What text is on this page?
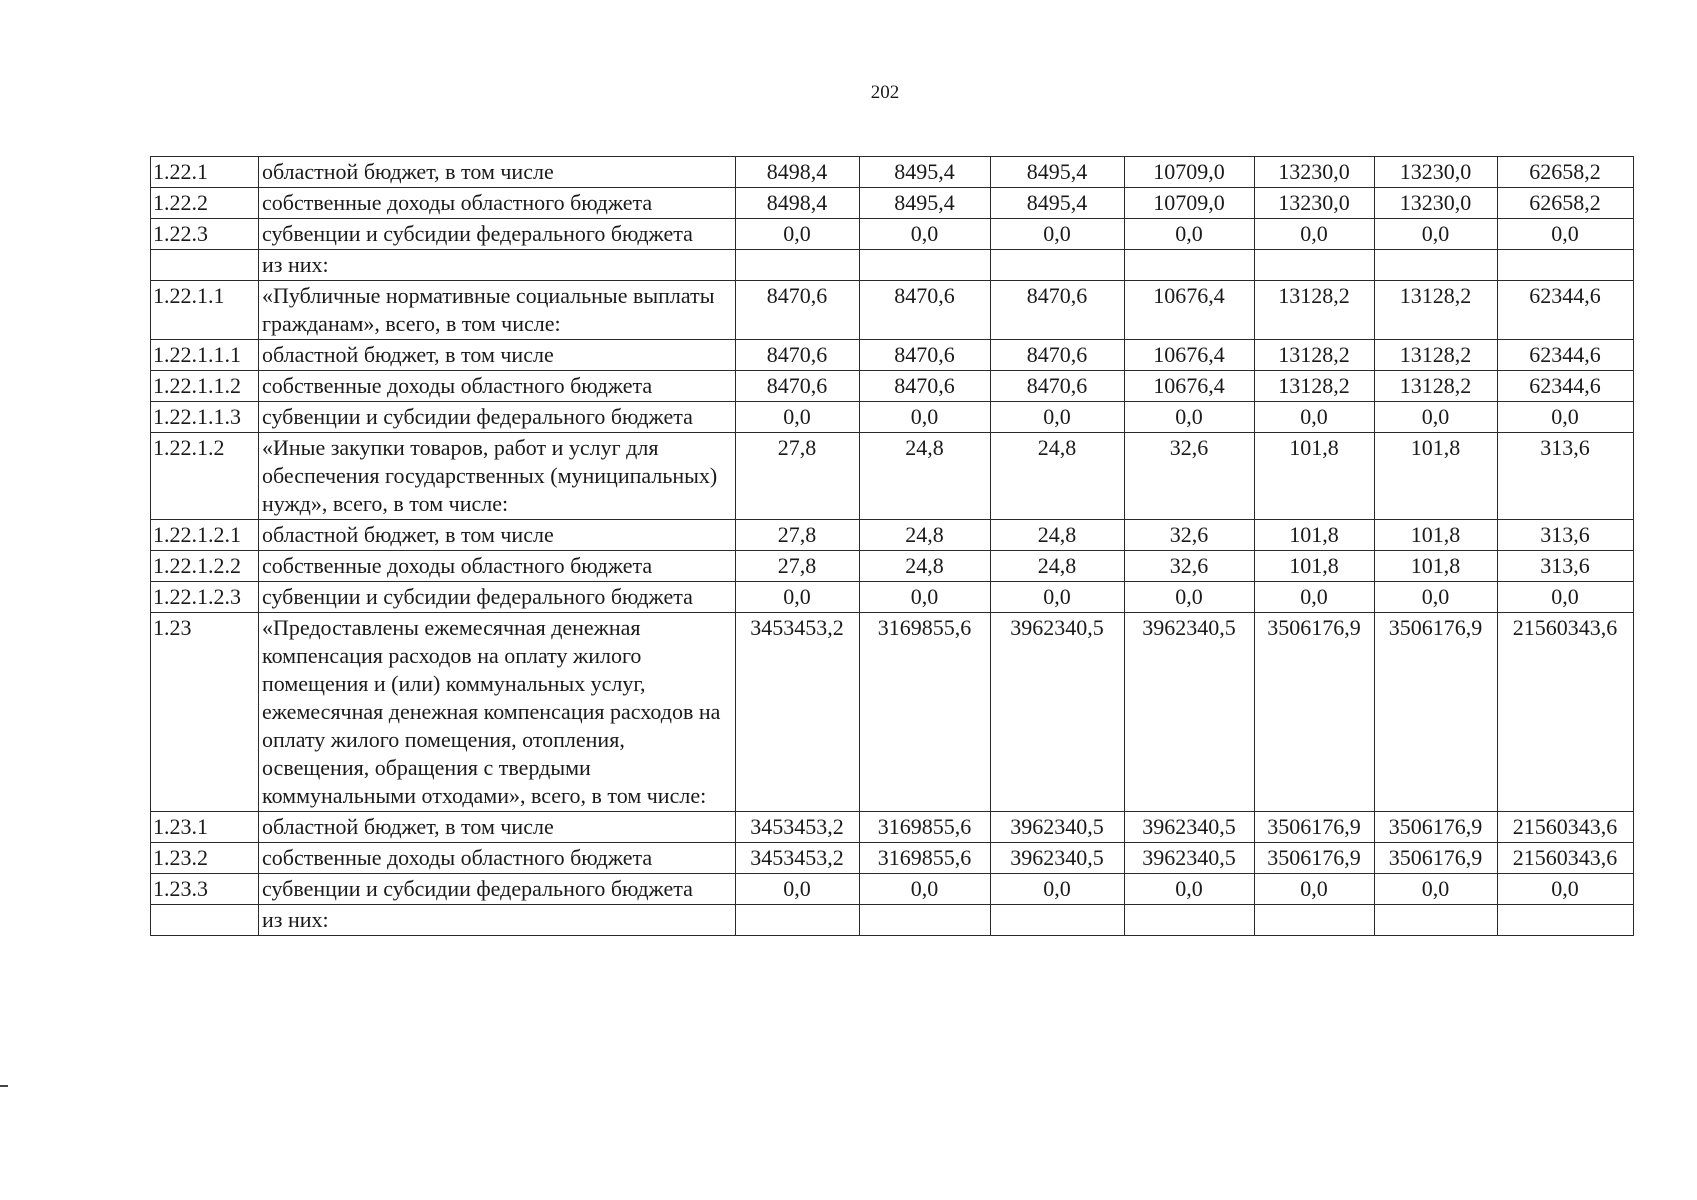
202
1.22.1	областной бюджет, в том числе	8498,4	8495,4	8495,4	10709,0	13230,0	13230,0	62658,2
1.22.2	собственные доходы областного бюджета	8498,4	8495,4	8495,4	10709,0	13230,0	13230,0	62658,2
1.22.3	субвенции и субсидии федерального бюджета	0,0	0,0	0,0	0,0	0,0	0,0	0,0
	из них:							
1.22.1.1	«Публичные нормативные социальные выплаты гражданам», всего, в том числе:	8470,6	8470,6	8470,6	10676,4	13128,2	13128,2	62344,6
1.22.1.1.1	областной бюджет, в том числе	8470,6	8470,6	8470,6	10676,4	13128,2	13128,2	62344,6
1.22.1.1.2	собственные доходы областного бюджета	8470,6	8470,6	8470,6	10676,4	13128,2	13128,2	62344,6
1.22.1.1.3	субвенции и субсидии федерального бюджета	0,0	0,0	0,0	0,0	0,0	0,0	0,0
1.22.1.2	«Иные закупки товаров, работ и услуг для обеспечения государственных (муниципальных) нужд», всего, в том числе:	27,8	24,8	24,8	32,6	101,8	101,8	313,6
1.22.1.2.1	областной бюджет, в том числе	27,8	24,8	24,8	32,6	101,8	101,8	313,6
1.22.1.2.2	собственные доходы областного бюджета	27,8	24,8	24,8	32,6	101,8	101,8	313,6
1.22.1.2.3	субвенции и субсидии федерального бюджета	0,0	0,0	0,0	0,0	0,0	0,0	0,0
1.23	«Предоставлены ежемесячная денежная компенсация расходов на оплату жилого помещения и (или) коммунальных услуг, ежемесячная денежная компенсация расходов на оплату жилого помещения, отопления, освещения, обращения с твердыми коммунальными отходами», всего, в том числе:	3453453,2	3169855,6	3962340,5	3962340,5	3506176,9	3506176,9	21560343,6
1.23.1	областной бюджет, в том числе	3453453,2	3169855,6	3962340,5	3962340,5	3506176,9	3506176,9	21560343,6
1.23.2	собственные доходы областного бюджета	3453453,2	3169855,6	3962340,5	3962340,5	3506176,9	3506176,9	21560343,6
1.23.3	субвенции и субсидии федерального бюджета	0,0	0,0	0,0	0,0	0,0	0,0	0,0
	из них:							
